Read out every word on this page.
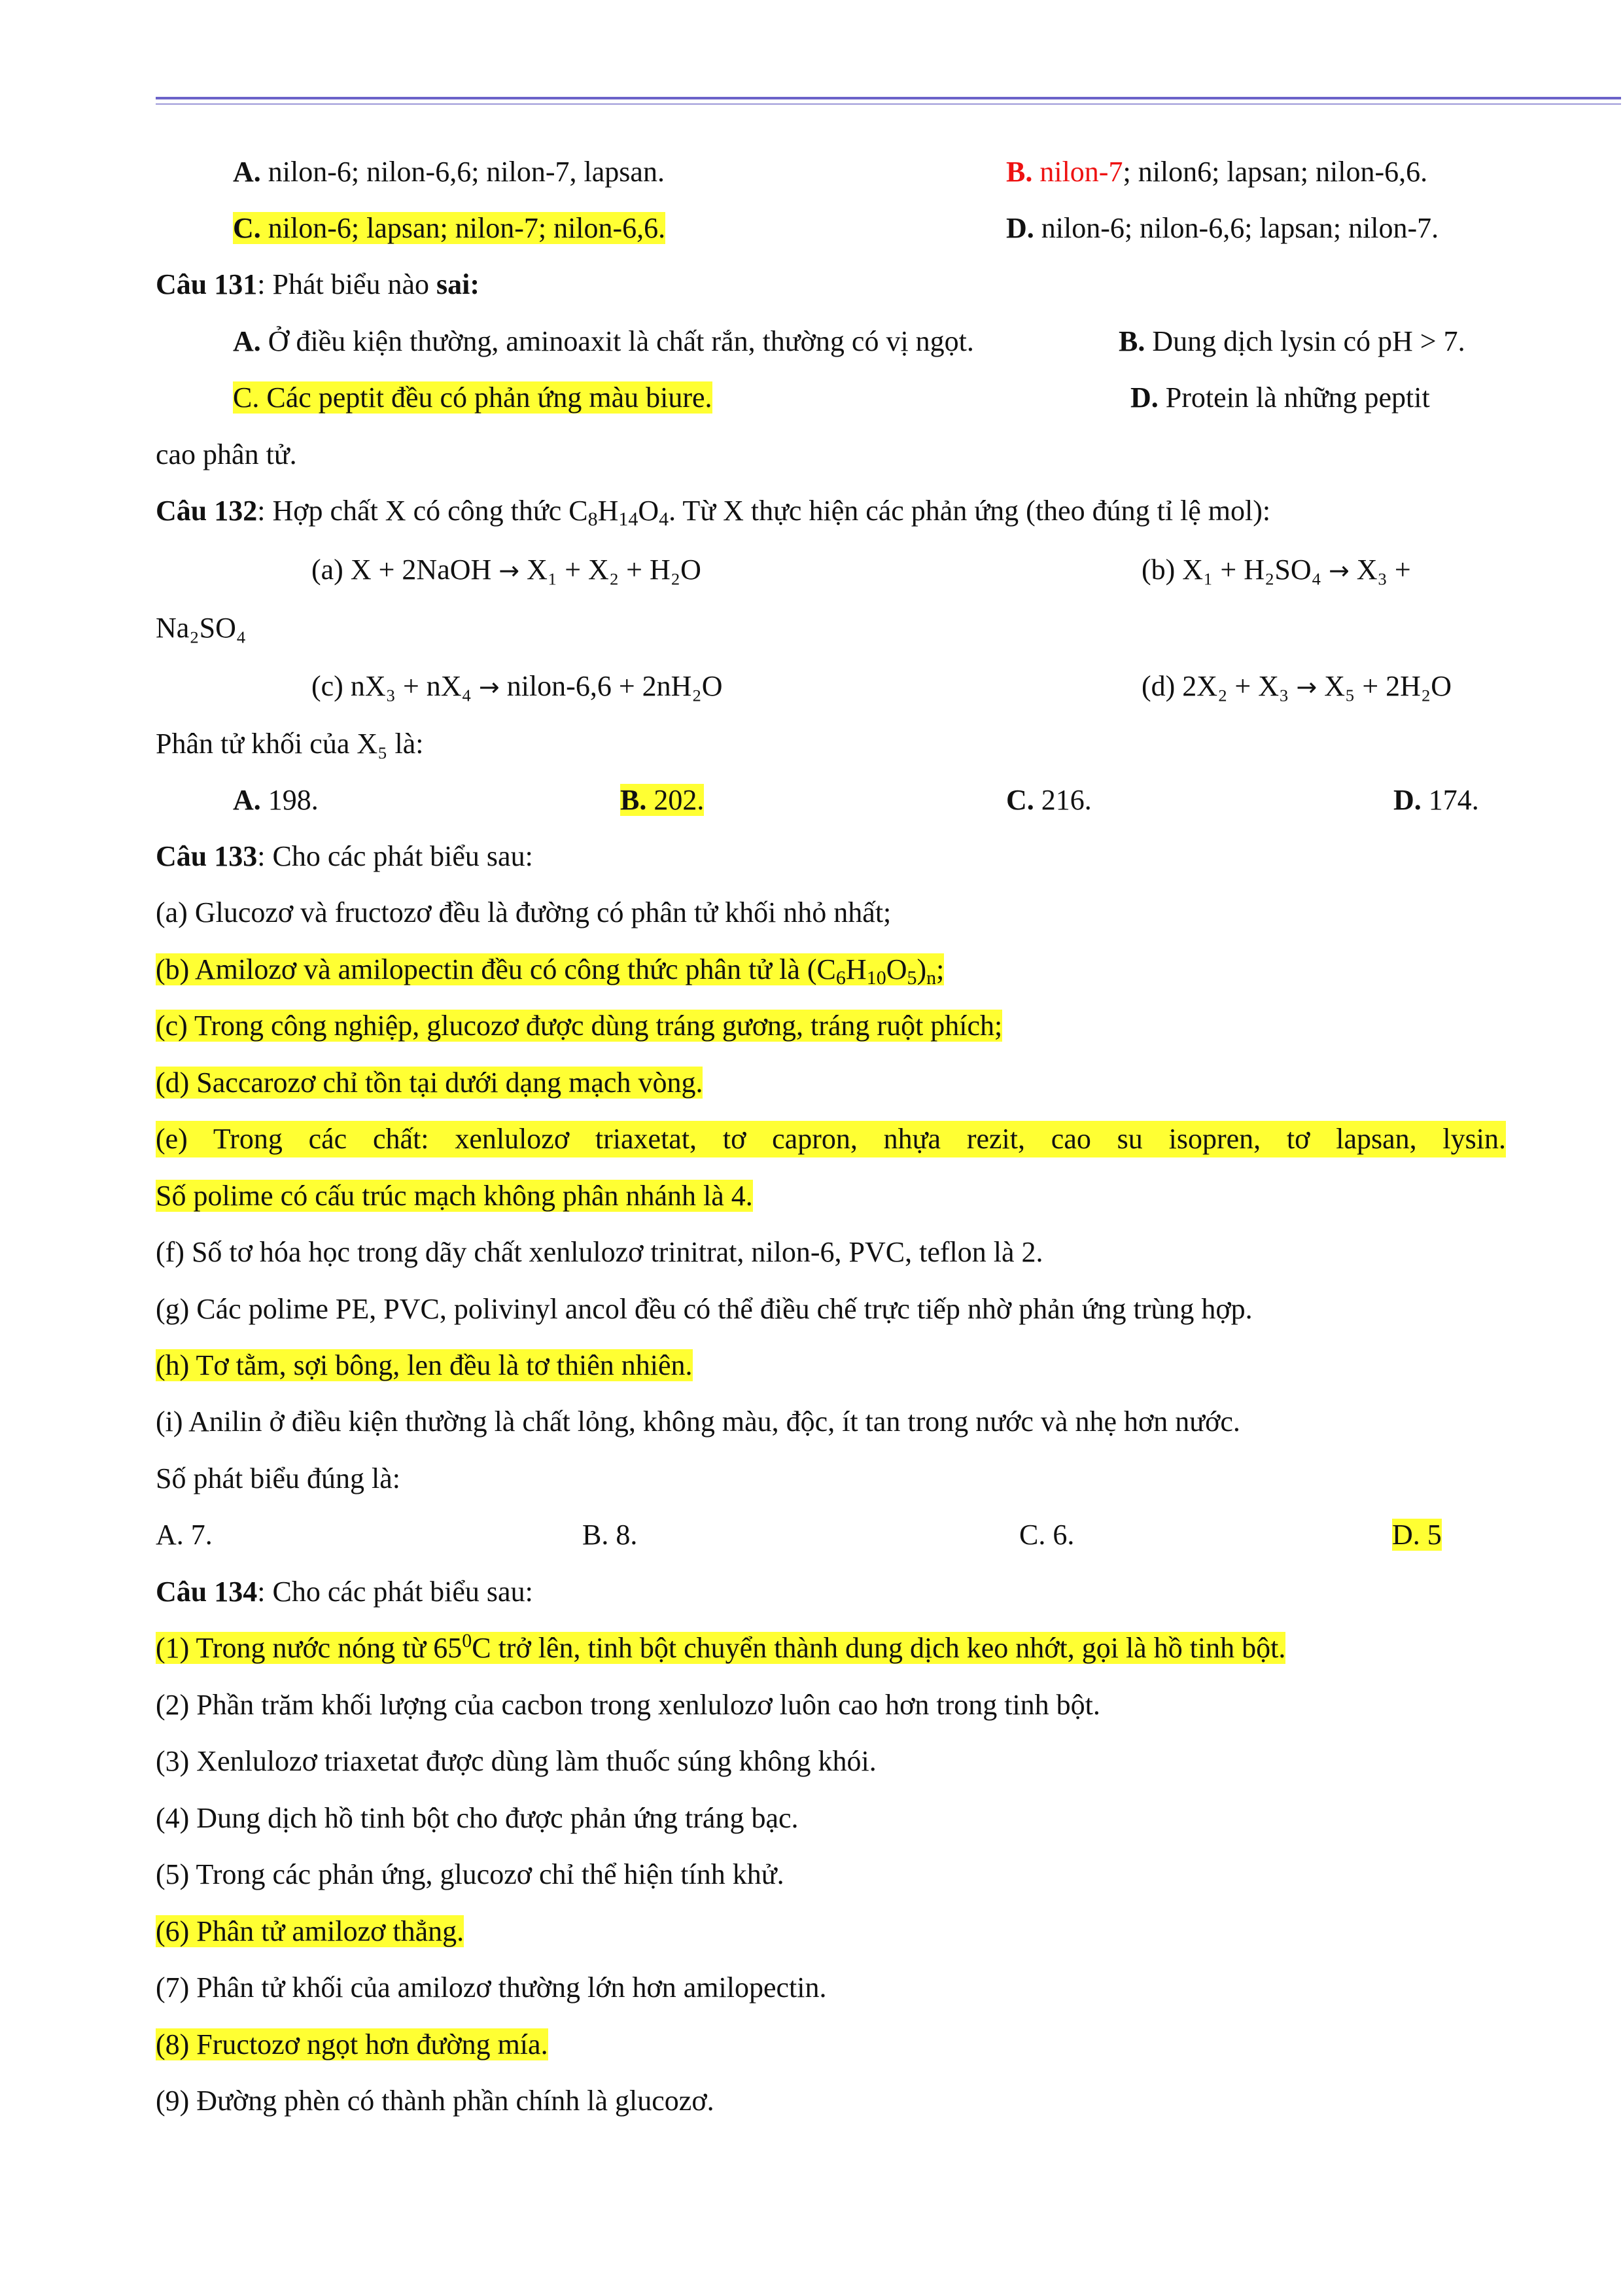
A. nilon-6; nilon-6,6; nilon-7, lapsan.	B. nilon-7; nilon6; lapsan; nilon-6,6.
C. nilon-6; lapsan; nilon-7; nilon-6,6.	D. nilon-6; nilon-6,6; lapsan; nilon-7.
Câu 131: Phát biểu nào sai:
A. Ở điều kiện thường, aminoaxit là chất rắn, thường có vị ngọt.	B. Dung dịch lysin có pH > 7.
C. Các peptit đều có phản ứng màu biure.	D. Protein là những peptit
cao phân tử.
Câu 132: Hợp chất X có công thức $C_8H_{14}O_4$. Từ X thực hiện các phản ứng (theo đúng tỉ lệ mol):
(a) X + 2NaOH → X₁ + X₂ + H₂O	(b) X₁ + H₂SO₄ → X₃ +
Na₂SO₄
(c) nX₃ + nX₄ → nilon-6,6 + 2nH₂O	(d) 2X₂ + X₃ → X₅ + 2H₂O
Phân tử khối của X₅ là:
A. 198.	B. 202.	C. 216.	D. 174.
Câu 133: Cho các phát biểu sau:
(a) Glucozơ và fructozơ đều là đường có phân tử khối nhỏ nhất;
(b) Amilozơ và amilopectin đều có công thức phân tử là $(C_6H_{10}O_5)_n$;
(c) Trong công nghiệp, glucozơ được dùng tráng gương, tráng ruột phích;
(d) Saccarozơ chỉ tồn tại dưới dạng mạch vòng.
(e) Trong các chất: xenlulozơ triaxetat, tơ capron, nhựa rezit, cao su isopren, tơ lapsan, lysin.
Số polime có cấu trúc mạch không phân nhánh là 4.
(f) Số tơ hóa học trong dãy chất xenlulozơ trinitrat, nilon-6, PVC, teflon là 2.
(g) Các polime PE, PVC, polivinyl ancol đều có thể điều chế trực tiếp nhờ phản ứng trùng hợp.
(h) Tơ tằm, sợi bông, len đều là tơ thiên nhiên.
(i) Anilin ở điều kiện thường là chất lỏng, không màu, độc, ít tan trong nước và nhẹ hơn nước.
Số phát biểu đúng là:
A. 7.	B. 8.	C. 6.	D. 5
Câu 134: Cho các phát biểu sau:
(1) Trong nước nóng từ $65^0C$ trở lên, tinh bột chuyển thành dung dịch keo nhớt, gọi là hồ tinh bột.
(2) Phần trăm khối lượng của cacbon trong xenlulozơ luôn cao hơn trong tinh bột.
(3) Xenlulozơ triaxetat được dùng làm thuốc súng không khói.
(4) Dung dịch hồ tinh bột cho được phản ứng tráng bạc.
(5) Trong các phản ứng, glucozơ chỉ thể hiện tính khử.
(6) Phân tử amilozơ thẳng.
(7) Phân tử khối của amilozơ thường lớn hơn amilopectin.
(8) Fructozơ ngọt hơn đường mía.
(9) Đường phèn có thành phần chính là glucozơ.
